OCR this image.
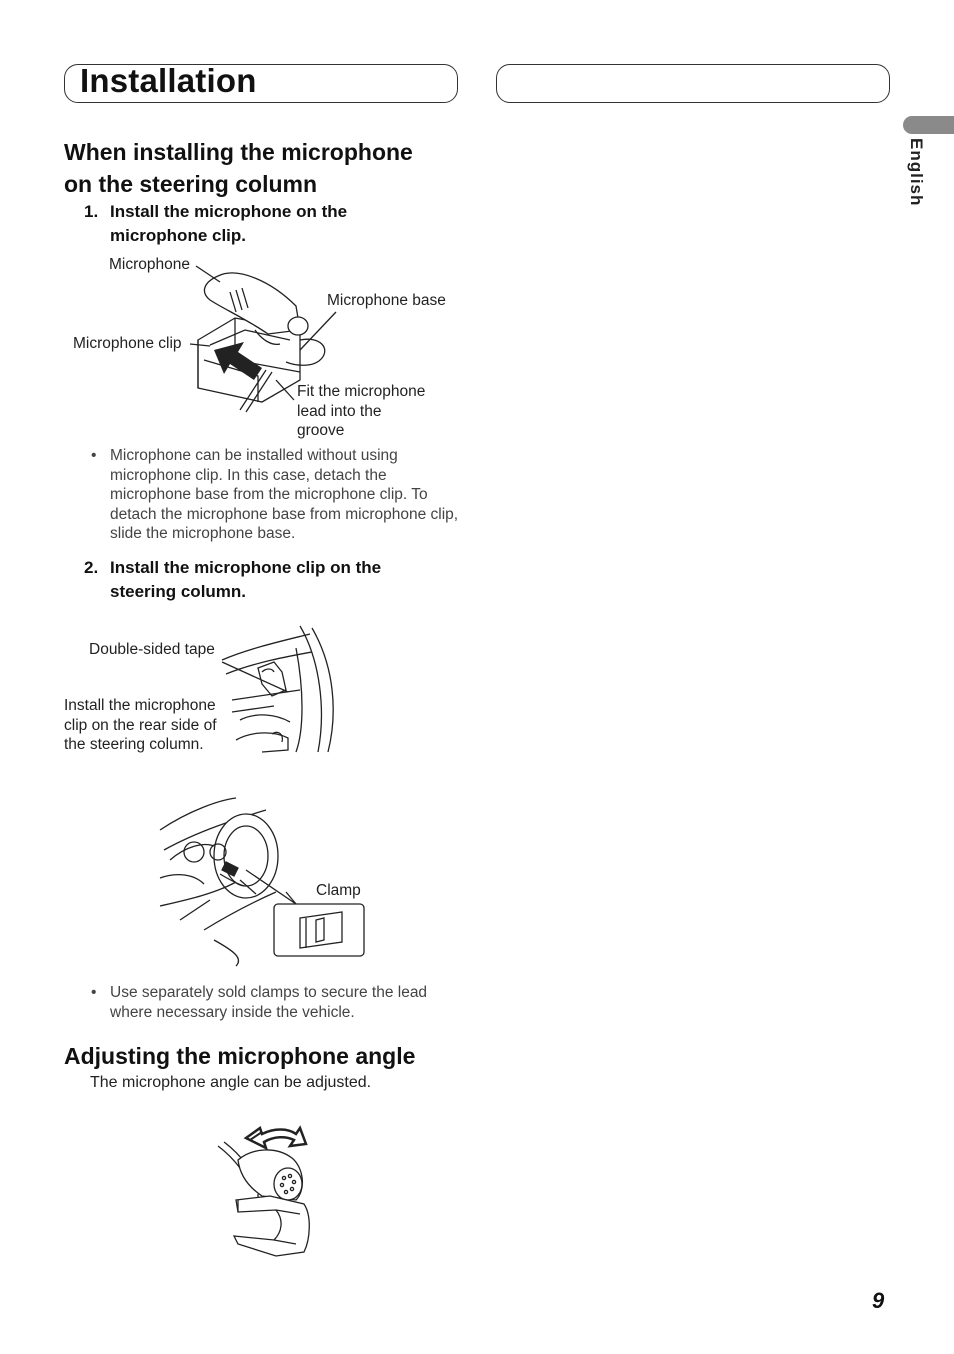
Installation
English
When installing the microphone
on the steering column
1. Install the microphone on the microphone clip.
Microphone
Microphone base
Microphone clip
Fit the microphone
lead into the
groove
• Microphone can be installed without using microphone clip. In this case, detach the microphone base from the microphone clip. To detach the microphone base from microphone clip, slide the microphone base.
2. Install the microphone clip on the steering column.
Double-sided tape
Install the microphone
clip on the rear side of
the steering column.
Clamp
• Use separately sold clamps to secure the lead where necessary inside the vehicle.
Adjusting the microphone angle
The microphone angle can be adjusted.
9
